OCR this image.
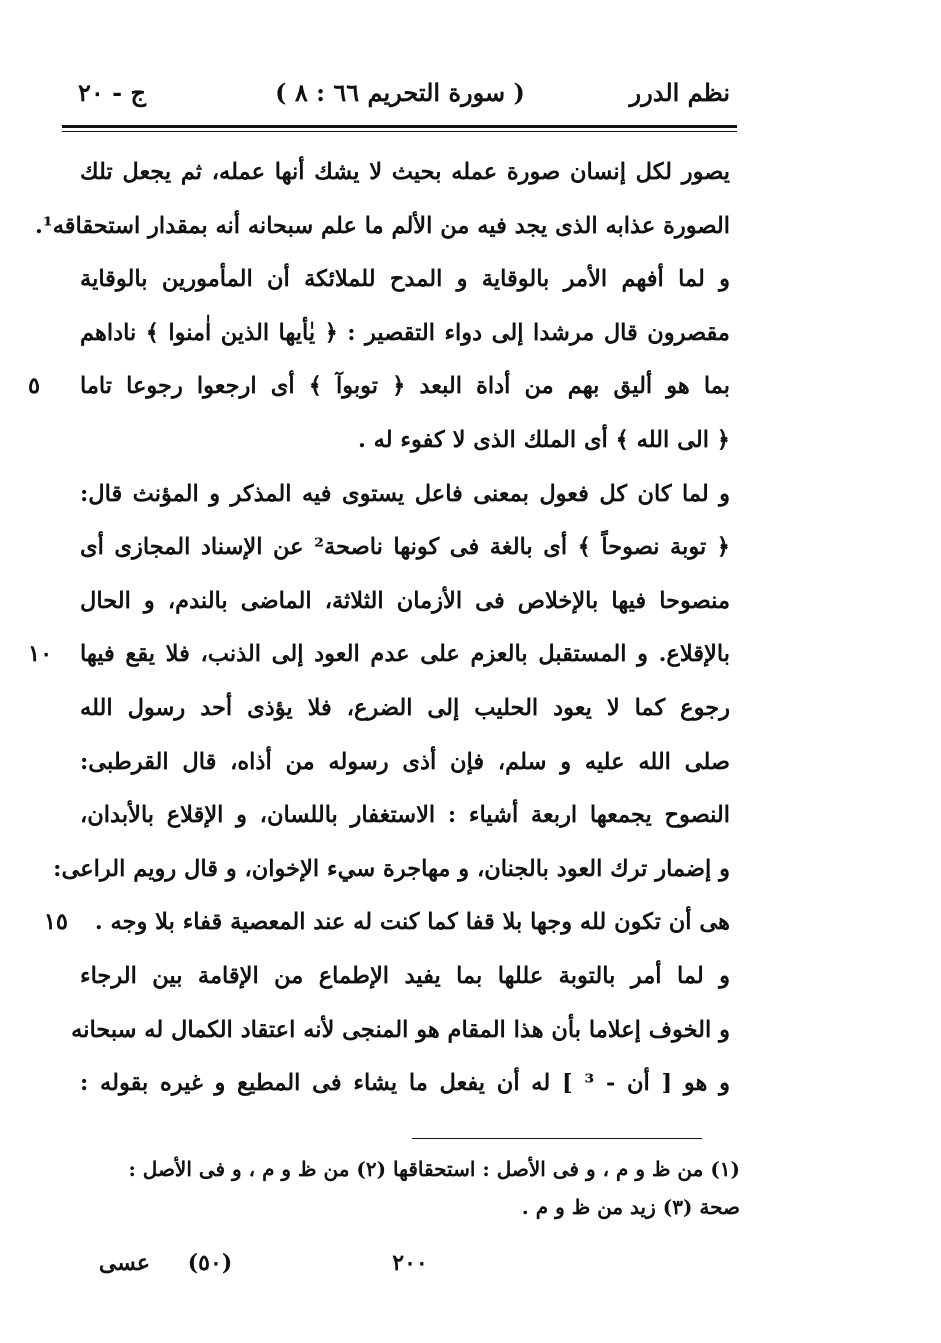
نظم الدرر
( سورة التحريم ٦٦ : ٨ )
ج - ٢٠
يصور لكل إنسان صورة عمله بحيث لا يشك أنها عمله، ثم يجعل تلك
الصورة عذابه الذى يجد فيه من الألم ما علم سبحانه أنه بمقدار استحقاقه¹.
و لما أفهم الأمر بالوقاية و المدح للملائكة أن المأمورين بالوقاية
مقصرون قال مرشدا إلى دواء التقصير : ﴿ يٰأيها الذين اٰمنوا ﴾ ناداهم
بما هو أليق بهم من أداة البعد ﴿ توبوآ ﴾ أى ارجعوا رجوعا تاما
٥
﴿ الى الله ﴾ أى الملك الذى لا كفوء له .
و لما كان كل فعول بمعنى فاعل يستوى فيه المذكر و المؤنث قال:
﴿ توبة نصوحاً ﴾ أى بالغة فى كونها ناصحة² عن الإسناد المجازى أى
منصوحا فيها بالإخلاص فى الأزمان الثلاثة، الماضى بالندم، و الحال
بالإقلاع. و المستقبل بالعزم على عدم العود إلى الذنب، فلا يقع فيها
١٠
رجوع كما لا يعود الحليب إلى الضرع، فلا يؤذى أحد رسول الله
صلى الله عليه و سلم، فإن أذى رسوله من أذاه، قال القرطبى:
النصوح يجمعها اربعة أشياء : الاستغفار باللسان، و الإقلاع بالأبدان،
و إضمار ترك العود بالجنان، و مهاجرة سيء الإخوان، و قال رويم الراعى:
هى أن تكون لله وجها بلا قفا كما كنت له عند المعصية قفاء بلا وجه .
١٥
و لما أمر بالتوبة عللها بما يفيد الإطماع من الإقامة بين الرجاء
و الخوف إعلاما بأن هذا المقام هو المنجى لأنه اعتقاد الكمال له سبحانه
و هو [ أن - ³ ] له أن يفعل ما يشاء فى المطيع و غيره بقوله :
(١) من ظ و م ، و فى الأصل : استحقاقها (٢) من ظ و م ، و فى الأصل :
صحة (٣) زيد من ظ و م .
٢٠٠
(٥٠)
عسى
